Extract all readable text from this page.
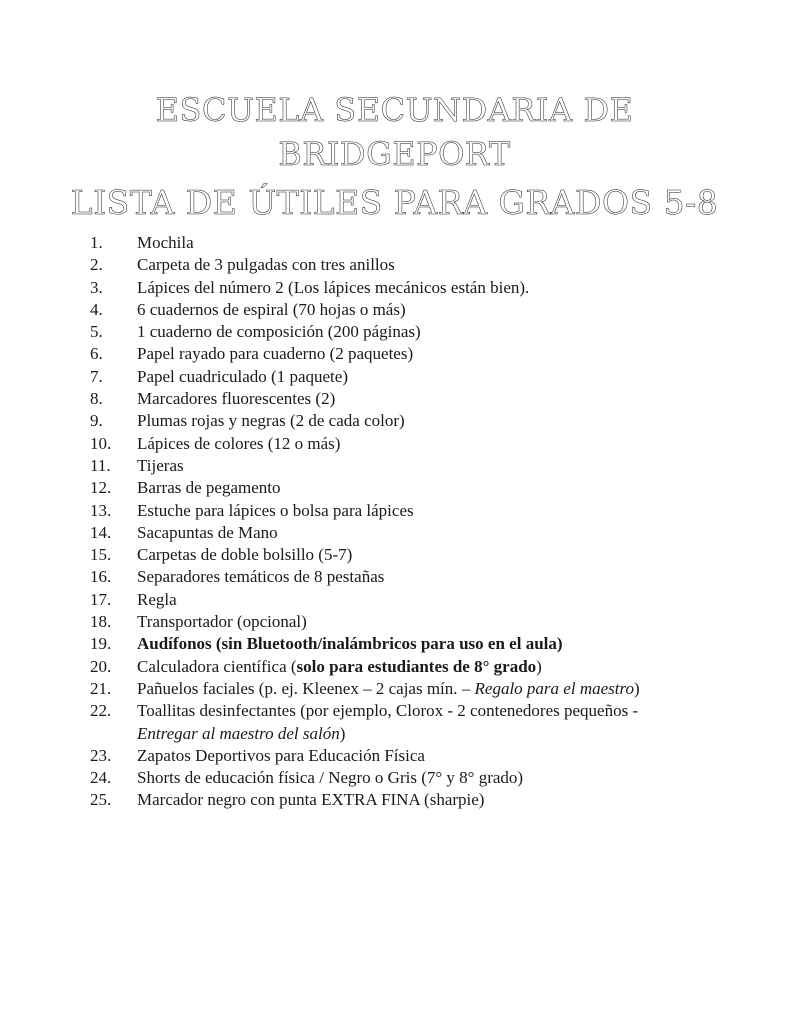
ESCUELA SECUNDARIA DE
BRIDGEPORT
LISTA DE ÚTILES PARA GRADOS 5-8
1. Mochila
2. Carpeta de 3 pulgadas con tres anillos
3. Lápices del número 2 (Los lápices mecánicos están bien).
4. 6 cuadernos de espiral (70 hojas o más)
5. 1 cuaderno de composición (200 páginas)
6. Papel rayado para cuaderno (2 paquetes)
7. Papel cuadriculado (1 paquete)
8. Marcadores fluorescentes (2)
9. Plumas rojas y negras (2 de cada color)
10. Lápices de colores (12 o más)
11. Tijeras
12. Barras de pegamento
13. Estuche para lápices o bolsa para lápices
14. Sacapuntas de Mano
15. Carpetas de doble bolsillo (5-7)
16. Separadores temáticos de 8 pestañas
17. Regla
18. Transportador (opcional)
19. Audífonos (sin Bluetooth/inalámbricos para uso en el aula)
20. Calculadora científica (solo para estudiantes de 8° grado)
21. Pañuelos faciales (p. ej. Kleenex – 2 cajas mín. – Regalo para el maestro)
22. Toallitas desinfectantes (por ejemplo, Clorox - 2 contenedores pequeños - Entregar al maestro del salón)
23. Zapatos Deportivos para Educación Física
24. Shorts de educación física / Negro o Gris (7° y 8° grado)
25. Marcador negro con punta EXTRA FINA (sharpie)
